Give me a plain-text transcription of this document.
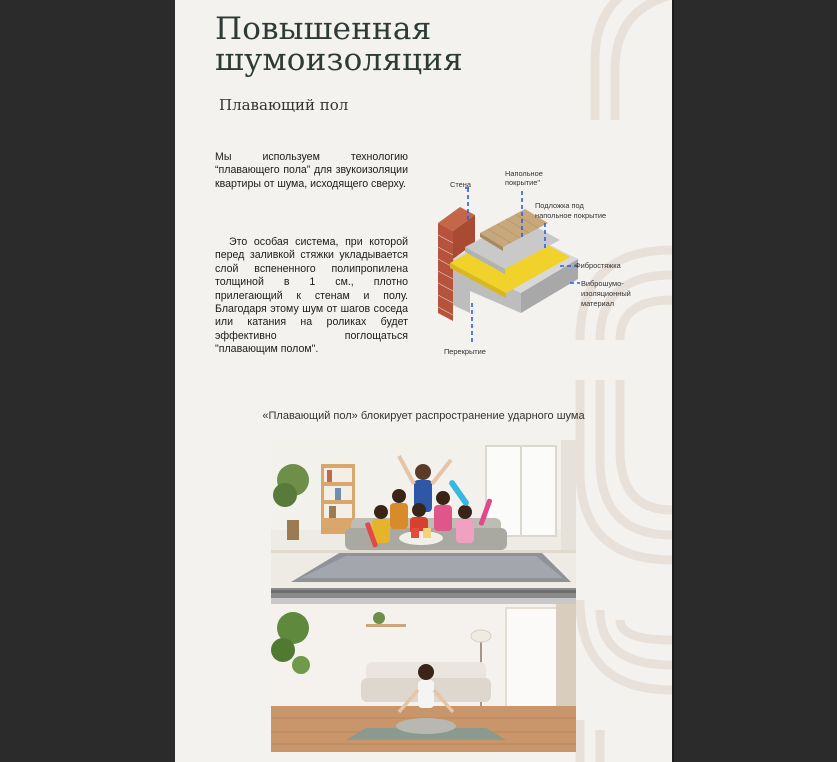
Повышенная шумоизоляция
Плавающий пол
Мы используем технологию “плавающего пола” для звукоизоляции квартиры от шума, исходящего сверху.
Это особая система, при которой перед заливкой стяжки укладывается слой вспененного полипропилена толщиной в 1 см., плотно прилегающий к стенам и полу. Благодаря этому шум от шагов соседа или катания на роликах будет эффективно поглощаться "плавающим полом".
Стена
Напольное
покрытие"
Подложка под
напольное покрытие
Фиброcтяжка
Виброшумо-
изоляционный
материал
Перекрытие
«Плавающий пол» блокирует распространение ударного шума
